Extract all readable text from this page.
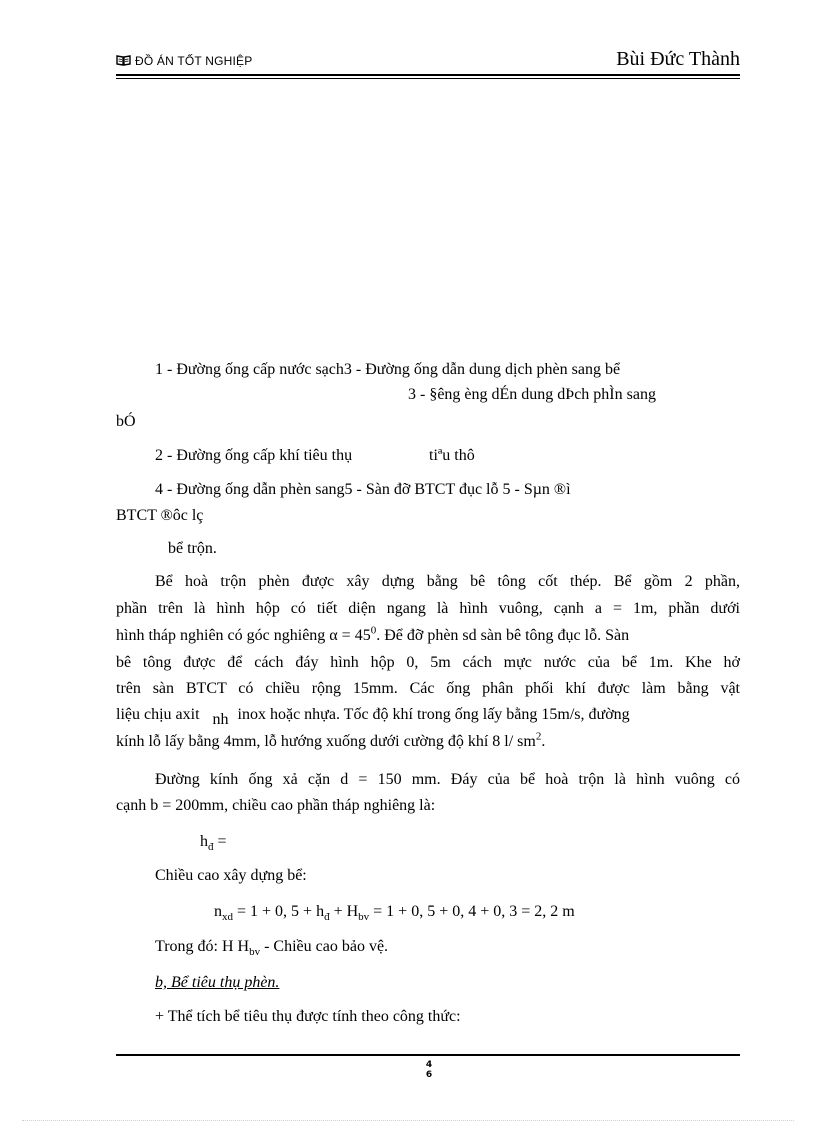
ĐỒ ÁN TỐT NGHIỆP	Bùi Đức Thành
1 - Đường ống cấp nước sạch3 - Đường ống dẫn dung dịch phèn sang bể
3 - §êng èng dÉn dung dÞch phÌn sang
bÓ
2 - Đường ống cấp khí tiêu thụ	tiªu thô
4 - Đường ống dẫn phèn sang5 - Sàn đỡ BTCT đục lỗ 5 - Sµn ®ì
BTCT ®ôc lç
bể trộn.
Bể hoà trộn phèn được xây dựng bằng bê tông cốt thép. Bể gồm 2 phần,
phần trên là hình hộp có tiết diện ngang là hình vuông, cạnh a = 1m, phần dưới
hình tháp nghiên có góc nghiêng $\alpha = 45^0$. Để đỡ phèn sd sàn bê tông đục lỗ. Sàn
bê tông được để cách đáy hình hộp 0, 5m cách mực nước của bể 1m. Khe hở
trên sàn BTCT có chiều rộng 15mm. Các ống phân phối khí được làm bằng vật
liệu chịu axit nh inox hoặc nhựa. Tốc độ khí trong ống lấy bằng 15m/s, đường
kính lỗ lấy bằng 4mm, lỗ hướng xuống dưới cường độ khí 8 l/ $sm^2$.
Đường kính ống xả cặn d = 150 mm. Đáy của bể hoà trộn là hình vuông có
cạnh b = 200mm, chiều cao phần tháp nghiêng là:
$h_đ$ =
Chiều cao xây dựng bể:
$n_{xd} = 1 + 0$, $5 + h_đ + H_{bv} = 1 + 0$, 5 + 0, 4 + 0, 3 = 2, 2 m
Trong đó: H $H_{bv}$ - Chiều cao bảo vệ.
b, Bể tiêu thụ phèn.
+ Thể tích bể tiêu thụ được tính theo công thức:
4
6
